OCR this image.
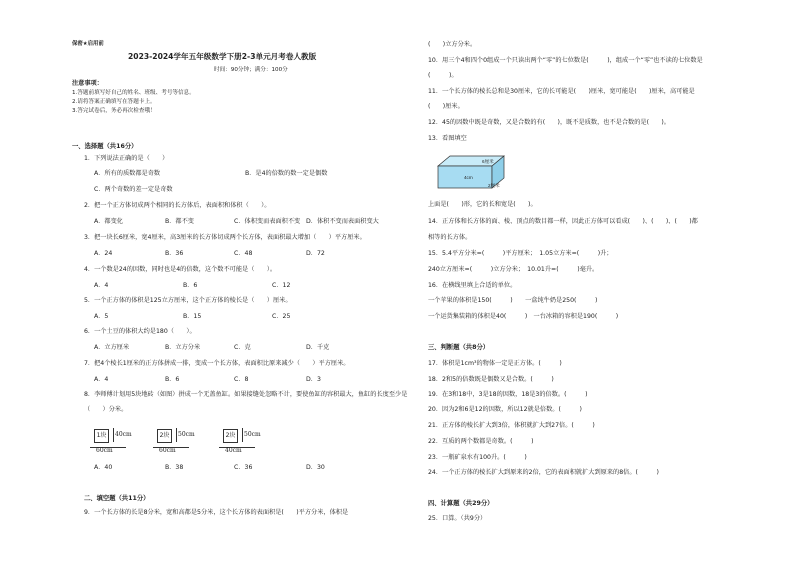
保密★启用前
2023-2024学年五年级数学下册2-3单元月考卷人教版
时间：90分钟；满分：100分
注意事项：
1.答题前填写好自己的姓名、班级、考号等信息。
2.请将答案正确填写在答题卡上。
3.答完试卷后，务必再次检查哦！
一、选择题（共16分）
1．下列说法正确的是（　　）
A．所有的质数都是奇数	B．是4的倍数的数一定是偶数
C．两个奇数的差一定是奇数
2．把一个正方体切成两个相同的长方体后，表面积和体积（　　）。
A．都变化	B．都不变	C．体积变而表面积不变 D．体积不变而表面积变大
3．把一块长6厘米，宽4厘米，高3厘米的长方体切成两个长方体，表面积最大增加（　　）平方厘米。
A．24	B．36	C．48	D．72
4．一个数是24的因数，同时也是4的倍数，这个数不可能是（　　）。
A．4	B．6	C．12
5．一个正方体的体积是125立方厘米，这个正方体的棱长是（　　）厘米。
A．5	B．15	C．25
6．一个土豆的体积大约是180（　　）。
A．立方厘米	B．立方分米	C．克	D．千克
7．把4个棱长1厘米的正方体拼成一排，变成一个长方体，表面积比原来减少（　　）平方厘米。
A．4	B．6	C．8	D．3
8．李师傅计划用5块地砖（如图）拼成一个无盖鱼缸。如果接缝处忽略不计，要使鱼缸的容积最大，鱼缸的长度至少是
（　　）分米。
1块	40cm
60cm
2块	50cm
60cm
2块	50cm
40cm
A．40	B．38	C．36	D．30
二、填空题（共11分）
9．一个长方体的长是8分米，宽和高都是5分米，这个长方体的表面积是(　　)平方分米，体积是
(　　)立方分米。
10．用三个4和四个0组成一个只读出两个“零”的七位数是(　　　)，组成一个“零”也不读的七位数是
(　　　)。
11．一个长方体的棱长总和是30厘米，它的长可能是(　　)厘米，宽可能是(　　)厘米，高可能是
(　　)厘米。
12．45的因数中既是奇数，又是合数的有(　　)，既不是质数，也不是合数的是(　　)。
13．看图填空
6厘米
4cm
2厘米
上面是(　　)形，它的长和宽是(　　)。
14．正方体和长方体的面、棱、顶点的数目都一样，因此正方体可以看成(　　)、(　　)、(　　)都
相等的长方体。
15．5.4平方分米=(　　　)平方厘米；　1.05立方米=(　　　)升；
240立方厘米=(　　　)立方分米；　10.01升=(　　　)毫升。
16．在横线里填上合适的单位。
一个苹果的体积是150(　　　)　　一盒纯牛奶是250(　　　)
一个运货集装箱的体积是40(　　　)　一台冰箱的容积是190(　　　)
三、判断题（共8分）
17．体积是1cm³的物体一定是正方体。(　　　)
18．2和5的倍数既是偶数又是合数。(　　　)
19．在3和18中，3是18的因数，18是3的倍数。(　　　)
20．因为2和6是12的因数，所以12就是倍数。(　　　)
21．正方体的棱长扩大到3倍，体积就扩大到27倍。(　　　)
22．互质的两个数都是奇数。(　　　)
23．一瓶矿泉水有100升。(　　　)
24．一个正方体的棱长扩大到原来的2倍，它的表面积就扩大到原来的8倍。(　　　)
四、计算题（共29分）
25．口算。（共9分）
